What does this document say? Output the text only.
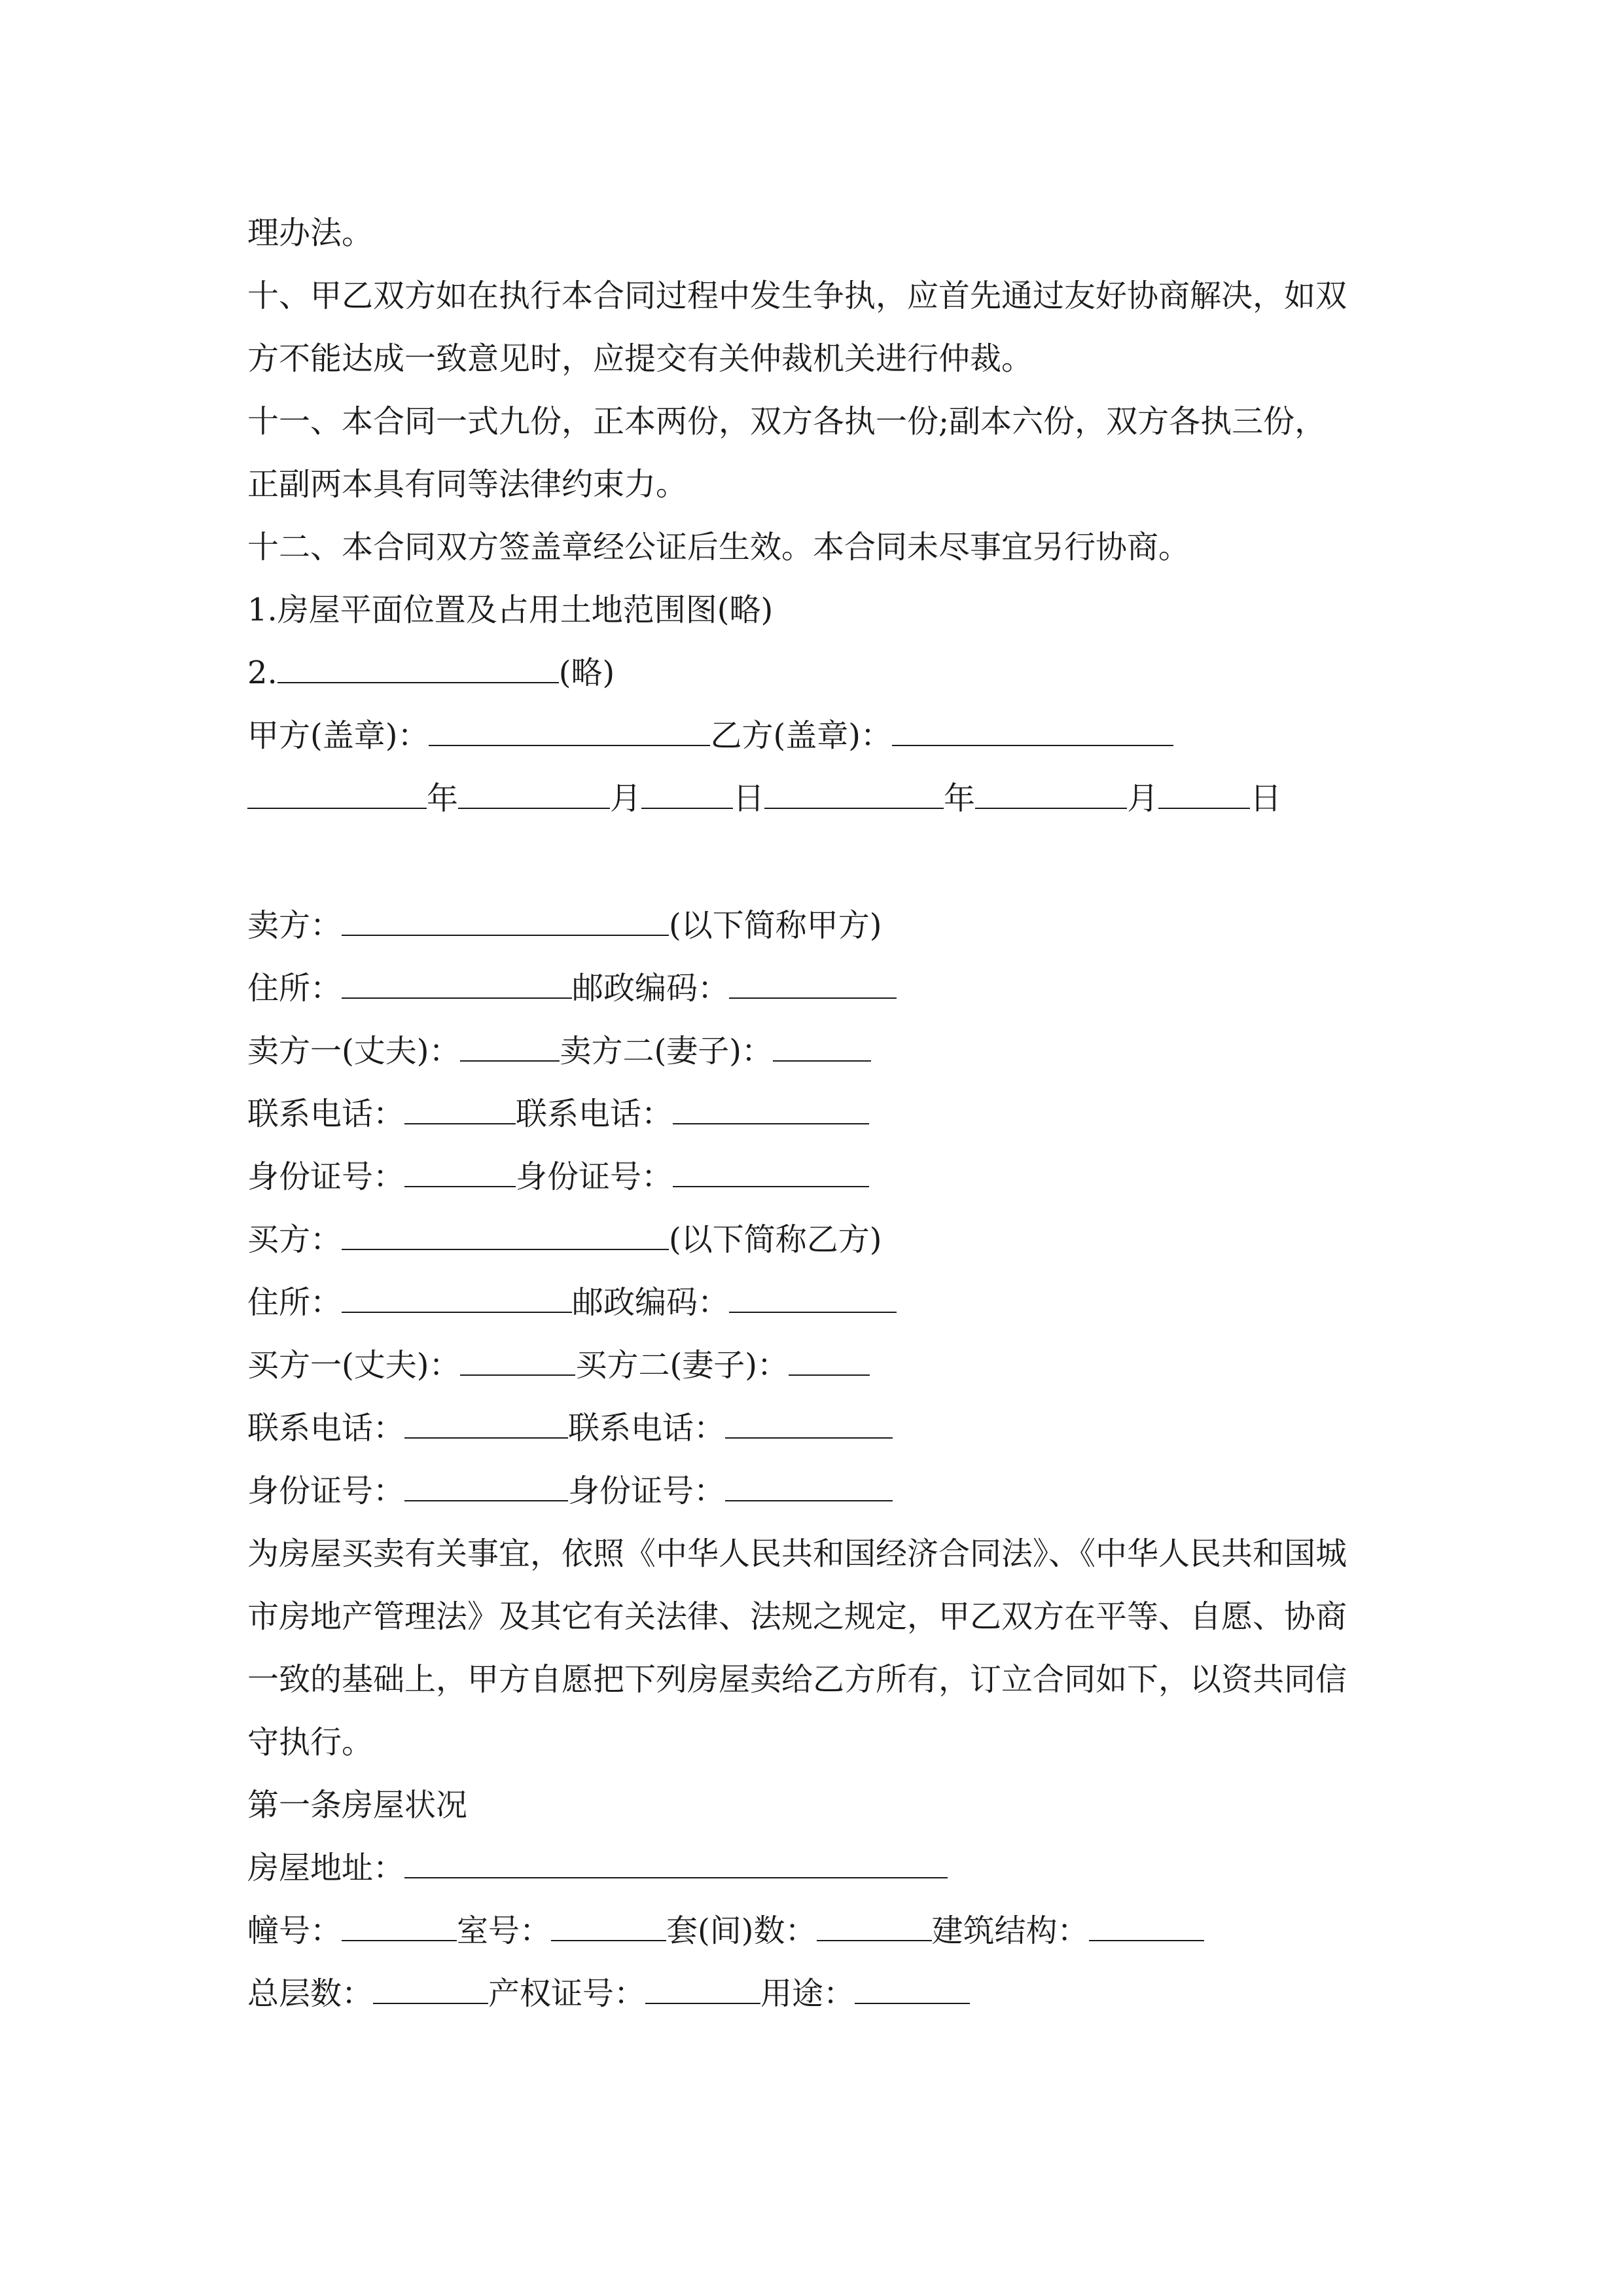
理办法。
十、甲乙双方如在执行本合同过程中发生争执，应首先通过友好协商解决，如双
方不能达成一致意见时，应提交有关仲裁机关进行仲裁。
十一、本合同一式九份，正本两份，双方各执一份;副本六份，双方各执三份，
正副两本具有同等法律约束力。
十二、本合同双方签盖章经公证后生效。本合同未尽事宜另行协商。
1.房屋平面位置及占用土地范围图(略)
2.	(略)
甲方(盖章)：	乙方(盖章)：
年	月	日	年	月	日
卖方：	(以下简称甲方)
住所：	邮政编码：
卖方一(丈夫)：	卖方二(妻子)：
联系电话：	联系电话：
身份证号：	身份证号：
买方：	(以下简称乙方)
住所：	邮政编码：
买方一(丈夫)：	买方二(妻子)：
联系电话：	联系电话：
身份证号：	身份证号：
为房屋买卖有关事宜，依照《中华人民共和国经济合同法》、《中华人民共和国城
市房地产管理法》及其它有关法律、法规之规定，甲乙双方在平等、自愿、协商
一致的基础上，甲方自愿把下列房屋卖给乙方所有，订立合同如下，以资共同信
守执行。
第一条房屋状况
房屋地址：
幢号：	室号：	套(间)数：	建筑结构：
总层数：	产权证号：	用途：
